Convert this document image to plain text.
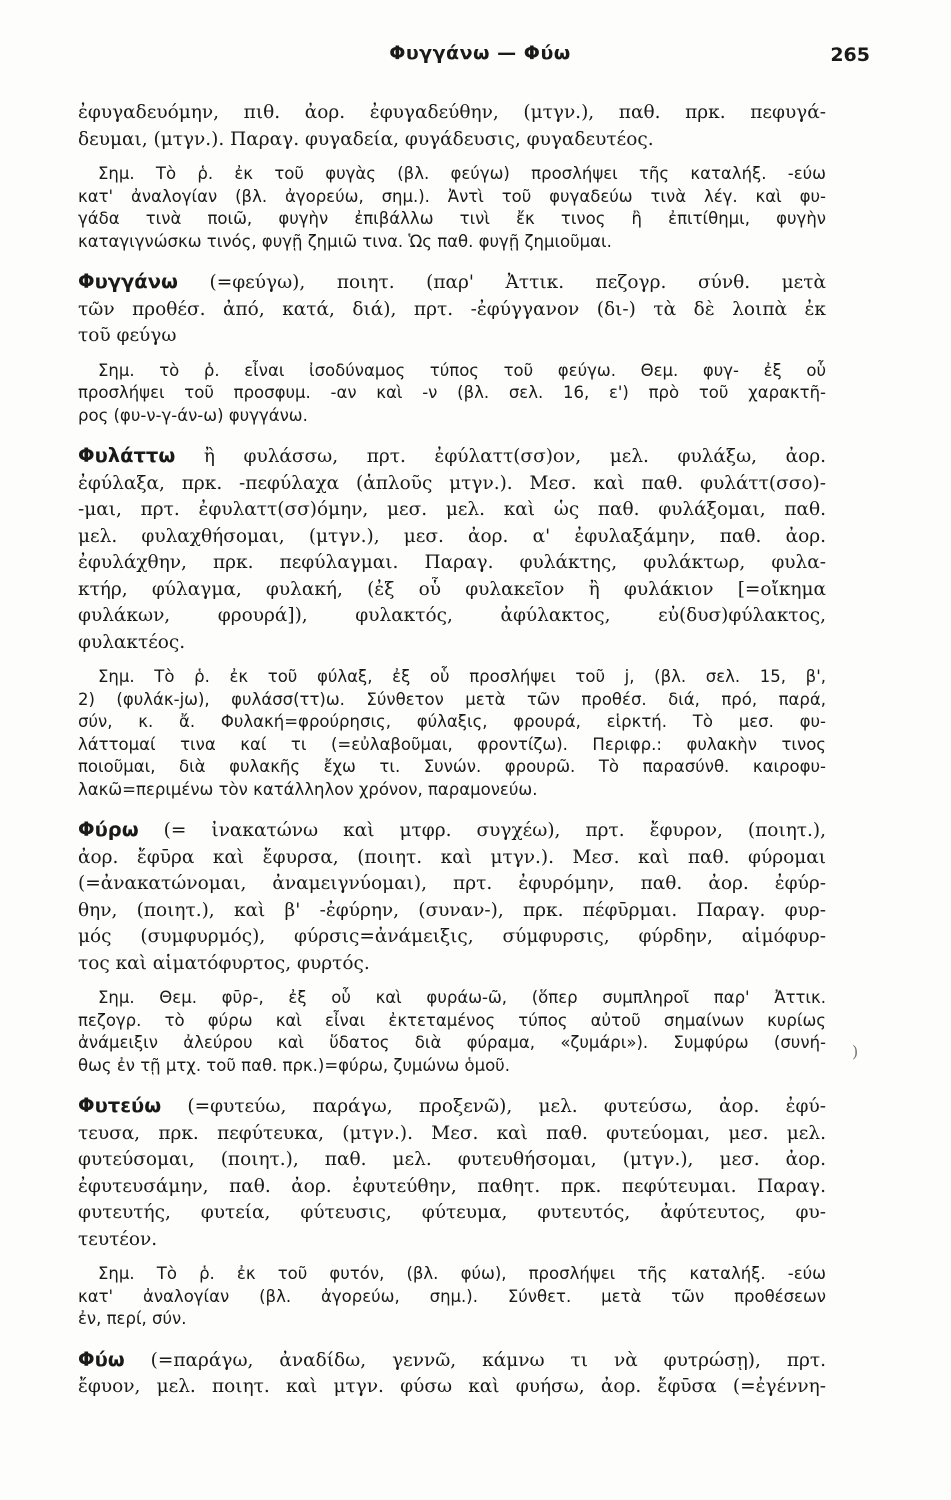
Φυγγάνω — Φύω	265
ἐφυγαδευόμην, πιθ. ἀορ. ἐφυγαδεύθην, (μτγν.), παθ. πρκ. πεφυγά-
δευμαι, (μτγν.). Παραγ. φυγαδεία, φυγάδευσις, φυγαδευτέος.
Σημ. Τὸ ῥ. ἐκ τοῦ φυγὰς (βλ. φεύγω) προσλήψει τῆς καταλήξ. -εύω
κατ' ἀναλογίαν (βλ. ἀγορεύω, σημ.). Ἀντὶ τοῦ φυγαδεύω τινὰ λέγ. καὶ φυ-
γάδα τινὰ ποιῶ, φυγὴν ἐπιβάλλω τινὶ ἔκ τινος ἢ ἐπιτίθημι, φυγὴν
καταγιγνώσκω τινός, φυγῇ ζημιῶ τινα. Ὡς παθ. φυγῇ ζημιοῦμαι.
Φυγγάνω (=φεύγω), ποιητ. (παρ' Ἀττικ. πεζογρ. σύνθ. μετὰ
τῶν προθέσ. ἀπό, κατά, διά), πρτ. -ἐφύγγανον (δι-) τὰ δὲ λοιπὰ ἐκ
τοῦ φεύγω
Σημ. τὸ ῥ. εἶναι ἰσοδύναμος τύπος τοῦ φεύγω. Θεμ. φυγ- ἐξ οὗ
προσλήψει τοῦ προσφυμ. -αν καὶ -ν (βλ. σελ. 16, ε') πρὸ τοῦ χαρακτῆ-
ρος (φυ-ν-γ-άν-ω) φυγγάνω.
Φυλάττω ἢ φυλάσσω, πρτ. ἐφύλαττ(σσ)ον, μελ. φυλάξω, ἀορ.
ἐφύλαξα, πρκ. -πεφύλαχα (ἁπλοῦς μτγν.). Μεσ. καὶ παθ. φυλάττ(σσο)-
-μαι, πρτ. ἐφυλαττ(σσ)όμην, μεσ. μελ. καὶ ὡς παθ. φυλάξομαι, παθ.
μελ. φυλαχθήσομαι, (μτγν.), μεσ. ἀορ. α' ἐφυλαξάμην, παθ. ἀορ.
ἐφυλάχθην, πρκ. πεφύλαγμαι. Παραγ. φυλάκτης, φυλάκτωρ, φυλα-
κτήρ, φύλαγμα, φυλακή, (ἐξ οὗ φυλακεῖον ἢ φυλάκιον [=οἴκημα
φυλάκων, φρουρά]), φυλακτός, ἀφύλακτος, εὐ(δυσ)φύλακτος,
φυλακτέος.
Σημ. Τὸ ῥ. ἐκ τοῦ φύλαξ, ἐξ οὗ προσλήψει τοῦ j, (βλ. σελ. 15, β',
2) (φυλάκ-jω), φυλάσσ(ττ)ω. Σύνθετον μετὰ τῶν προθέσ. διά, πρό, παρά,
σύν, κ. ἄ. Φυλακή=φρούρησις, φύλαξις, φρουρά, εἱρκτή. Τὸ μεσ. φυ-
λάττομαί τινα καί τι (=εὐλαβοῦμαι, φροντίζω). Περιφρ.: φυλακὴν τινος
ποιοῦμαι, διὰ φυλακῆς ἔχω τι. Συνών. φρουρῶ. Τὸ παρασύνθ. καιροφυ-
λακῶ=περιμένω τὸν κατάλληλον χρόνον, παραμονεύω.
Φύρω (= ἰνακατώνω καὶ μτφρ. συγχέω), πρτ. ἔφυρον, (ποιητ.),
ἀορ. ἔφῡρα καὶ ἔφυρσα, (ποιητ. καὶ μτγν.). Μεσ. καὶ παθ. φύρομαι
(=ἀνακατώνομαι, ἀναμειγνύομαι), πρτ. ἐφυρόμην, παθ. ἀορ. ἐφύρ-
θην, (ποιητ.), καὶ β' -ἐφύρην, (συναν-), πρκ. πέφῡρμαι. Παραγ. φυρ-
μός (συμφυρμός), φύρσις=ἀνάμειξις, σύμφυρσις, φύρδην, αἱμόφυρ-
τος καὶ αἱματόφυρτος, φυρτός.
Σημ. Θεμ. φῡρ-, ἐξ οὗ καὶ φυράω-ῶ, (ὅπερ συμπληροῖ παρ' Ἀττικ.
πεζογρ. τὸ φύρω καὶ εἶναι ἐκτεταμένος τύπος αὐτοῦ σημαίνων κυρίως
ἀνάμειξιν ἀλεύρου καὶ ὕδατος διὰ φύραμα, «ζυμάρι»). Συμφύρω (συνή-
θως ἐν τῇ μτχ. τοῦ παθ. πρκ.)=φύρω, ζυμώνω ὁμοῦ.
Φυτεύω (=φυτεύω, παράγω, προξενῶ), μελ. φυτεύσω, ἀορ. ἐφύ-
τευσα, πρκ. πεφύτευκα, (μτγν.). Μεσ. καὶ παθ. φυτεύομαι, μεσ. μελ.
φυτεύσομαι, (ποιητ.), παθ. μελ. φυτευθήσομαι, (μτγν.), μεσ. ἀορ.
ἐφυτευσάμην, παθ. ἀορ. ἐφυτεύθην, παθητ. πρκ. πεφύτευμαι. Παραγ.
φυτευτής, φυτεία, φύτευσις, φύτευμα, φυτευτός, ἀφύτευτος, φυ-
τευτέον.
Σημ. Τὸ ῥ. ἐκ τοῦ φυτόν, (βλ. φύω), προσλήψει τῆς καταλήξ. -εύω
κατ' ἀναλογίαν (βλ. ἀγορεύω, σημ.). Σύνθετ. μετὰ τῶν προθέσεων
ἐν, περί, σύν.
Φύω (=παράγω, ἀναδίδω, γεννῶ, κάμνω τι νὰ φυτρώσῃ), πρτ.
ἔφυον, μελ. ποιητ. καὶ μτγν. φύσω καὶ φυήσω, ἀορ. ἔφῡσα (=ἐγέννη-
)
